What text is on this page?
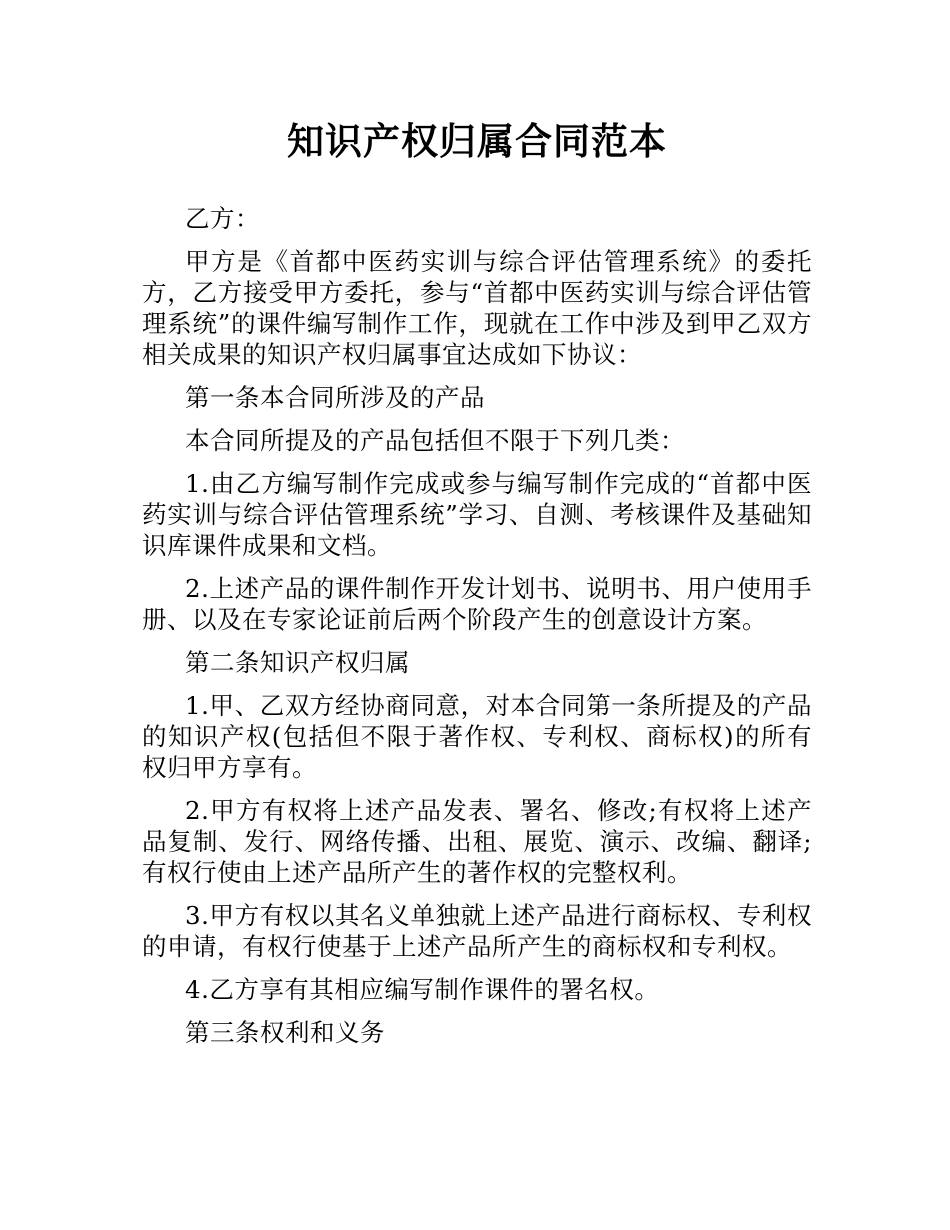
知识产权归属合同范本

乙方：

甲方是《首都中医药实训与综合评估管理系统》的委托方，乙方接受甲方委托，参与“首都中医药实训与综合评估管理系统”的课件编写制作工作，现就在工作中涉及到甲乙双方相关成果的知识产权归属事宜达成如下协议：

第一条本合同所涉及的产品

本合同所提及的产品包括但不限于下列几类：

1.由乙方编写制作完成或参与编写制作完成的“首都中医药实训与综合评估管理系统”学习、自测、考核课件及基础知识库课件成果和文档。

2.上述产品的课件制作开发计划书、说明书、用户使用手册、以及在专家论证前后两个阶段产生的创意设计方案。

第二条知识产权归属

1.甲、乙双方经协商同意，对本合同第一条所提及的产品的知识产权(包括但不限于著作权、专利权、商标权)的所有权归甲方享有。

2.甲方有权将上述产品发表、署名、修改;有权将上述产品复制、发行、网络传播、出租、展览、演示、改编、翻译;有权行使由上述产品所产生的著作权的完整权利。

3.甲方有权以其名义单独就上述产品进行商标权、专利权的申请，有权行使基于上述产品所产生的商标权和专利权。

4.乙方享有其相应编写制作课件的署名权。

第三条权利和义务
